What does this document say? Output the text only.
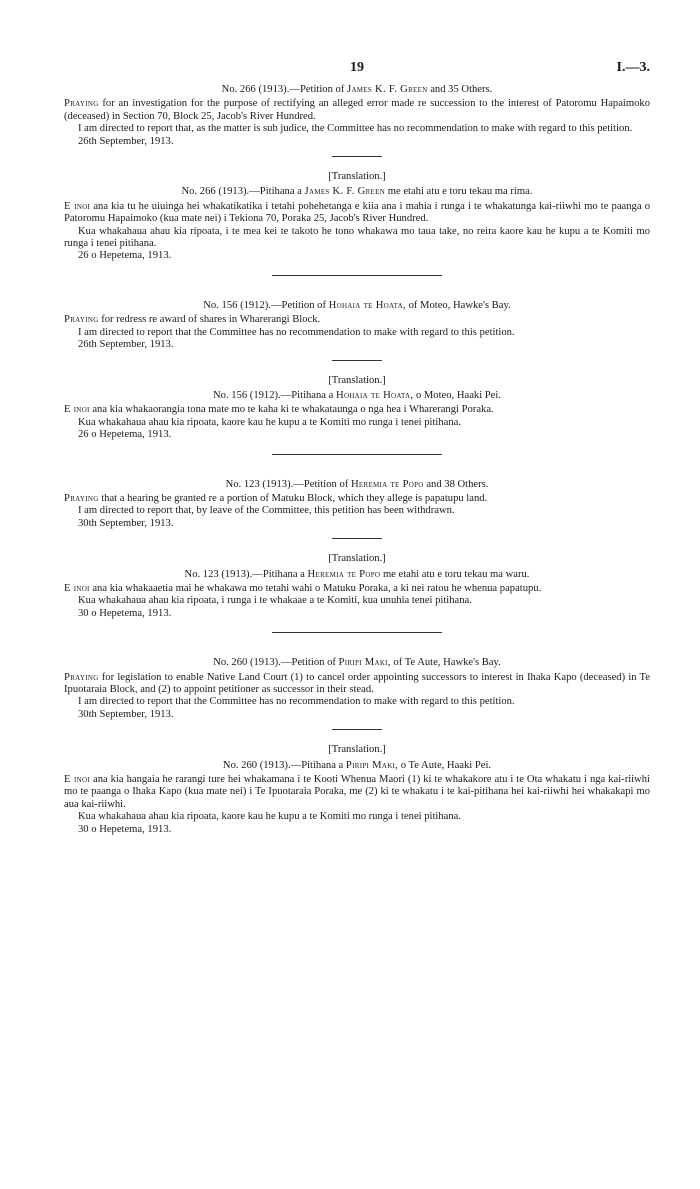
19	I.—3.
No. 266 (1913).—Petition of James K. F. Green and 35 Others.

Praying for an investigation for the purpose of rectifying an alleged error made re succession to the interest of Patoromu Hapaimoko (deceased) in Section 70, Block 25, Jacob's River Hundred.

I am directed to report that, as the matter is sub judice, the Committee has no recommendation to make with regard to this petition.

26th September, 1913.

[Translation.]
No. 266 (1913).—Pitihana a James K. F. Green me etahi atu e toru tekau ma rima.

E inoi ana kia tu he uiuinga hei whakatikatika i tetahi pohehetanga e kiia ana i mahia i runga i te whakatunga kai-riiwhi mo te paanga o Patoromu Hapaimoko (kua mate nei) i Tekiona 70, Poraka 25, Jacob's River Hundred.

Kua whakahaua ahau kia ripoata, i te mea kei te takoto he tono whakawa mo taua take, no reira kaore kau he kupu a te Komiti mo runga i tenei pitihana.

26 o Hepetema, 1913.

No. 156 (1912).—Petition of Hohaia te Hoata, of Moteo, Hawke's Bay.

Praying for redress re award of shares in Wharerangi Block.

I am directed to report that the Committee has no recommendation to make with regard to this petition.

26th September, 1913.

[Translation.]
No. 156 (1912).—Pitihana a Hohaia te Hoata, o Moteo, Haaki Pei.

E inoi ana kia whakaorangia tona mate mo te kaha ki te whakataunga o nga hea i Wharerangi Poraka.

Kua whakahaua ahau kia ripoata, kaore kau he kupu a te Komiti mo runga i tenei pitihana.

26 o Hepetema, 1913.

No. 123 (1913).—Petition of Heremia te Popo and 38 Others.

Praying that a hearing be granted re a portion of Matuku Block, which they allege is papatupu land.

I am directed to report that, by leave of the Committee, this petition has been withdrawn.

30th September, 1913.

[Translation.]
No. 123 (1913).—Pitihana a Heremia te Popo me etahi atu e toru tekau ma waru.

E inoi ana kia whakaaetia mai he whakawa mo tetahi wahi o Matuku Poraka, a ki nei ratou he whenua papatupu.

Kua whakahaua ahau kia ripoata, i runga i te whakaae a te Komiti, kua unuhia tenei pitihana.

30 o Hepetema, 1913.

No. 260 (1913).—Petition of Piripi Maki, of Te Aute, Hawke's Bay.

Praying for legislation to enable Native Land Court (1) to cancel order appointing successors to interest in Ihaka Kapo (deceased) in Te Ipuotaraia Block, and (2) to appoint petitioner as successor in their stead.

I am directed to report that the Committee has no recommendation to make with regard to this petition.

30th September, 1913.

[Translation.]
No. 260 (1913).—Pitihana a Piripi Maki, o Te Aute, Haaki Pei.

E inoi ana kia hangaia he rarangi ture hei whakamana i te Kooti Whenua Maori (1) ki te whakakore atu i te Ota whakatu i nga kai-riiwhi mo te paanga o Ihaka Kapo (kua mate nei) i Te Ipuotaraia Poraka, me (2) ki te whakatu i te kai-pitihana hei kai-riiwhi hei whakakapi mo aua kai-riiwhi.

Kua whakahaua ahau kia ripoata, kaore kau he kupu a te Komiti mo runga i tenei pitihana.

30 o Hepetema, 1913.
